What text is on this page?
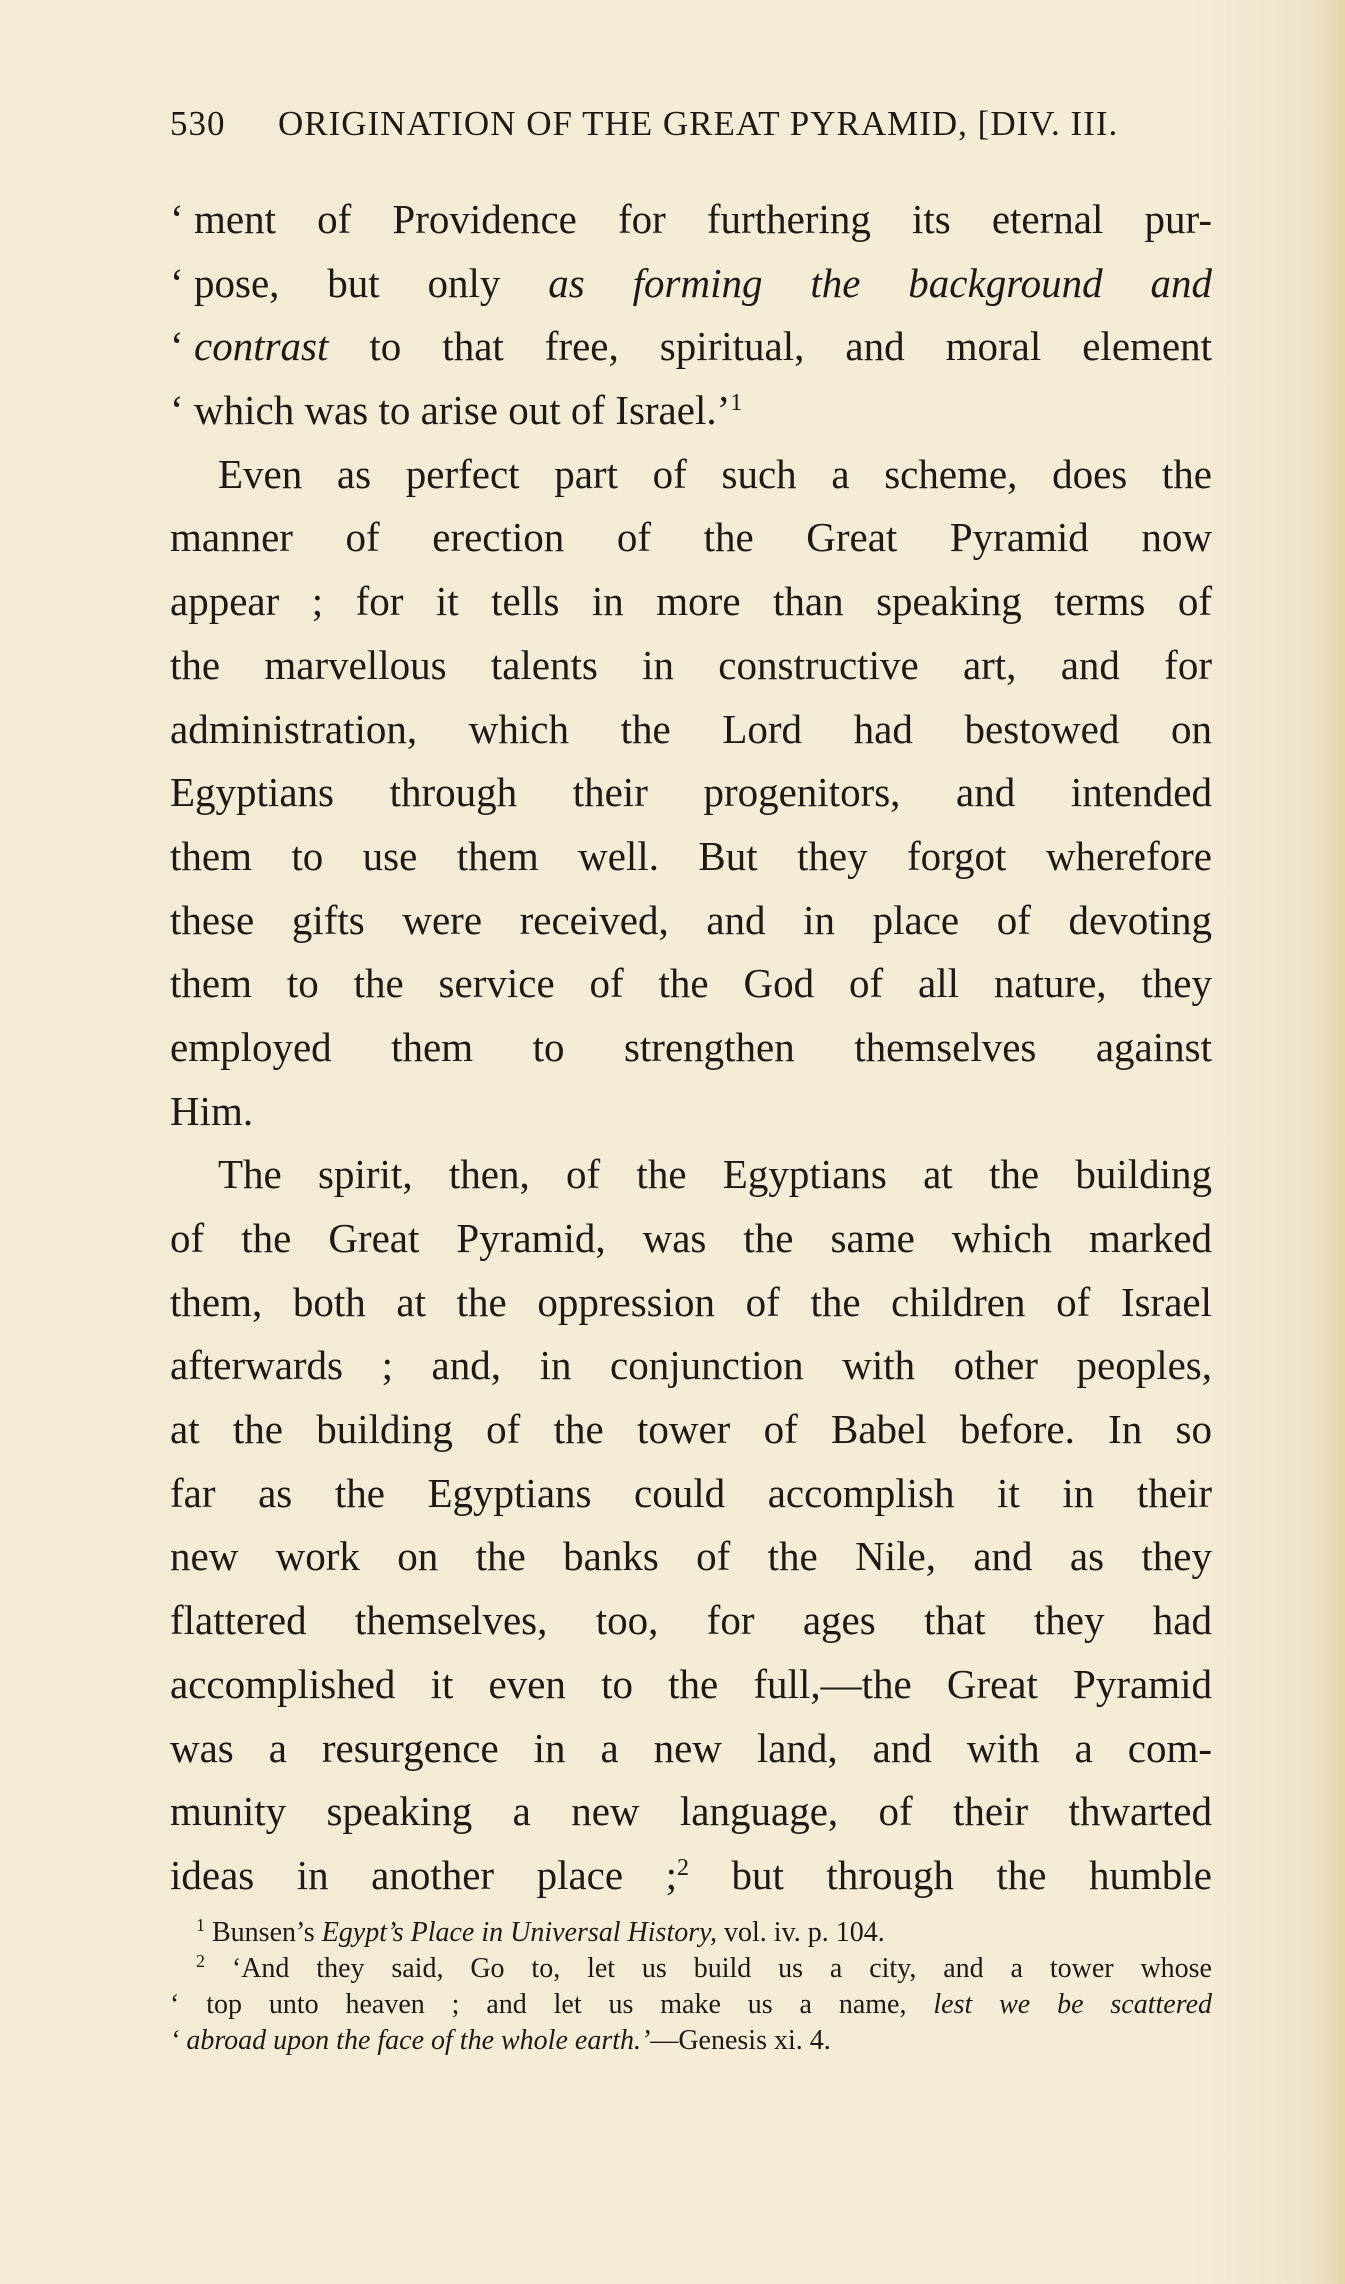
530 ORIGINATION OF THE GREAT PYRAMID, [DIV. III.
‘ ment of Providence for furthering its eternal pur-
‘ pose, but only as forming the background and
‘ contrast to that free, spiritual, and moral element
‘ which was to arise out of Israel.’$^1$
Even as perfect part of such a scheme, does the
manner of erection of the Great Pyramid now
appear ; for it tells in more than speaking terms of
the marvellous talents in constructive art, and for
administration, which the Lord had bestowed on
Egyptians through their progenitors, and intended
them to use them well. But they forgot wherefore
these gifts were received, and in place of devoting
them to the service of the God of all nature, they
employed them to strengthen themselves against
Him.
The spirit, then, of the Egyptians at the building
of the Great Pyramid, was the same which marked
them, both at the oppression of the children of Israel
afterwards ; and, in conjunction with other peoples,
at the building of the tower of Babel before. In so
far as the Egyptians could accomplish it in their
new work on the banks of the Nile, and as they
flattered themselves, too, for ages that they had
accomplished it even to the full,—the Great Pyramid
was a resurgence in a new land, and with a com-
munity speaking a new language, of their thwarted
ideas in another place ;$^2$ but through the humble
$^1$ Bunsen’s Egypt’s Place in Universal History, vol. iv. p. 104.
$^2$ ‘And they said, Go to, let us build us a city, and a tower whose
‘ top unto heaven ; and let us make us a name, lest we be scattered
‘ abroad upon the face of the whole earth.’—Genesis xi. 4.
